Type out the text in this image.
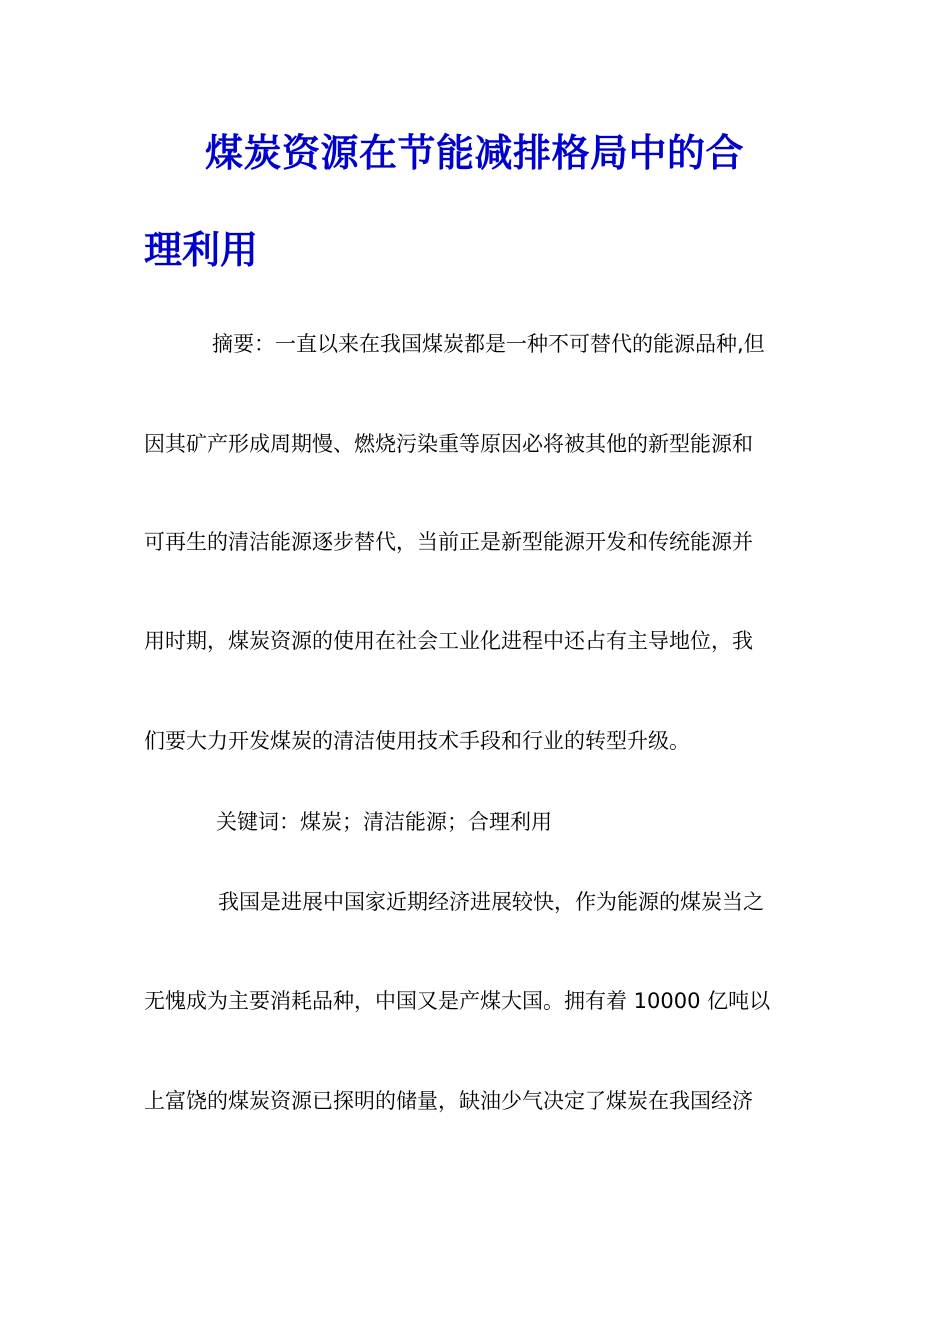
煤炭资源在节能减排格局中的合
理利用

摘要：一直以来在我国煤炭都是一种不可替代的能源品种,但

因其矿产形成周期慢、燃烧污染重等原因必将被其他的新型能源和

可再生的清洁能源逐步替代，当前正是新型能源开发和传统能源并

用时期，煤炭资源的使用在社会工业化进程中还占有主导地位，我

们要大力开发煤炭的清洁使用技术手段和行业的转型升级。

关键词：煤炭；清洁能源；合理利用

我国是进展中国家近期经济进展较快，作为能源的煤炭当之

无愧成为主要消耗品种，中国又是产煤大国。拥有着 10000 亿吨以

上富饶的煤炭资源已探明的储量，缺油少气决定了煤炭在我国经济
